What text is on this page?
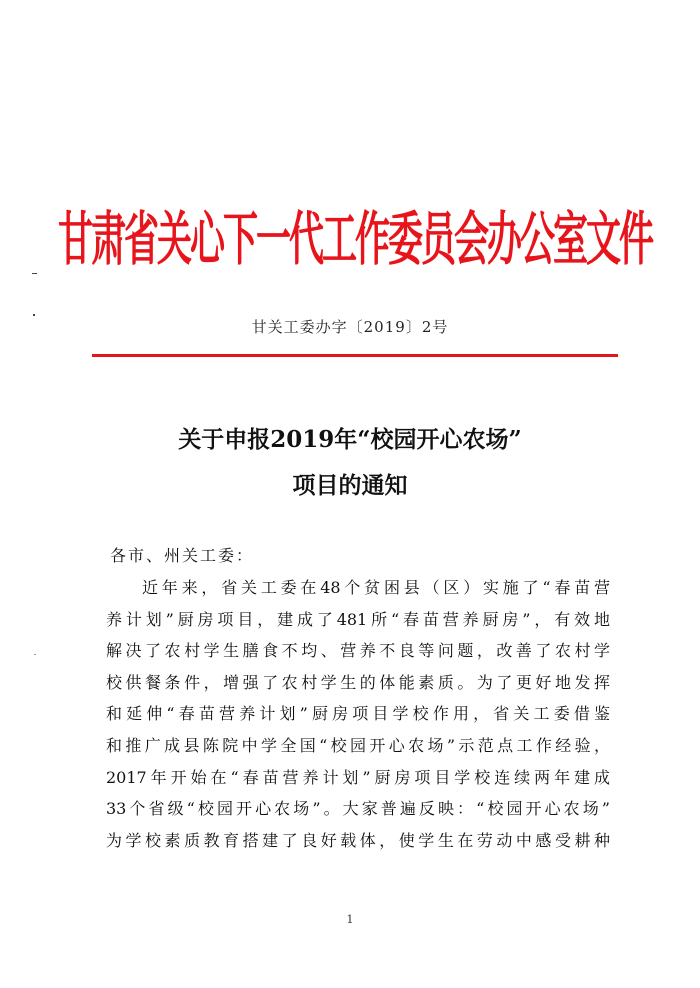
甘肃省关心下一代工作委员会办公室文件
甘关工委办字〔2019〕2号
关于申报2019年“校园开心农场”
项目的通知
各市、州关工委：
近年来，省关工委在48个贫困县（区）实施了“春苗营
养计划”厨房项目，建成了481所“春苗营养厨房”，有效地
解决了农村学生膳食不均、营养不良等问题，改善了农村学
校供餐条件，增强了农村学生的体能素质。为了更好地发挥
和延伸“春苗营养计划”厨房项目学校作用，省关工委借鉴
和推广成县陈院中学全国“校园开心农场”示范点工作经验，
2017年开始在“春苗营养计划”厨房项目学校连续两年建成
33个省级“校园开心农场”。大家普遍反映：“校园开心农场”
为学校素质教育搭建了良好载体，使学生在劳动中感受耕种
1
